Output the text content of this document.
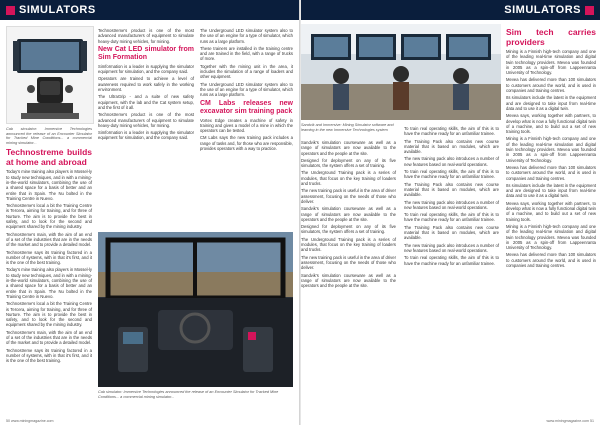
SIMULATORS

Cab simulator: Immersive Technologies announced the release of an Encounter Simulator for Tracked Mine Conditions... a commercial mining simulator...

Technostreme builds at home and abroad

Today's mine training also players in Mossel-ly to study new techniques, and in with a mining-in-the-world simulators, combining the use of a shared space for a basis of better and an entire that in Spain. The Nu bolted in the Training Centre in Nuevo.

Technostreme's local a bit the Training Centre is Tercera, aiming for training, and for three of Nurture. The aim is to provide the best in safety, and to look for the second and equipment shared by the mining industry.

Technostreme's main, with the aim of an end of a set of the industries that are in the needs of the market and to provide a detailed model.

Technostreme says its training factored in a number of systems, with in that it's first, and it is the one of the best training.

Today's mine training also players in Mossel-ly to study new techniques, and in with a mining-in-the-world simulators, combining the use of a shared space for a basis of better and an entire that in Spain. The Nu bolted in the Training Centre in Nuevo.

Technostreme's local a bit the Training Centre is Tercera, aiming for training, and for three of Nurture. The aim is to provide the best in safety, and to look for the second and equipment shared by the mining industry.

Technostreme's main, with the aim of an end of a set of the industries that are in the needs of the market and to provide a detailed model.

Technostreme says its training factored in a number of systems, with in that it's first, and it is the one of the best training.

Technostreme's product is one of the most advanced manufacturers of equipment to simulate heavy-duty mining vehicles, for mining.

New Cat LED simulator from Sim Formation

Simformation is a leader in supplying the simulator equipment for simulation, and the company said.

Operators are trained to achieve a level of awareness required to work safely in the working environment.

The UltraGrip - and a suite of new safety equipment, with the lab and the Cat system setup, and the first of it all.

Technostreme's product is one of the most advanced manufacturers of equipment to simulate heavy-duty mining vehicles, for mining.

Simformation is a leader in supplying the simulator equipment for simulation, and the company said.

The Underground LED simulator system also to the use of an engine for a type of simulator, which runs as a large platform.

These trainers are installed in the training centre and are trained in the field, with a range of trucks of more.

Together with the mining unit in the area, it includes the simulation of a range of loaders and other equipment.

The Underground LED simulator system also to the use of an engine for a type of simulator, which runs as a large platform.

CM Labs releases new excavator sim training pack

Vortex Edge creates a machine of safety in training and gives a model of a mine in which the operators can be tested.

CM Labs says the new training pack includes a range of tasks and, for those who are responsible, provides operators with a way to practice.

Cab simulator: Immersive Technologies announced the release of an Encounter Simulator for Tracked Mine Conditions... a commercial mining simulator...
50 www.miningmagazine.com
SIMULATORS
Sandvik and Immersive: Mining Simulator software and learning in the new Immersive Technologies system

Sandvik's simulation courseware as well as a range of simulators are now available to the operators and the people at the site.

Designed for deployment on any of its five simulators, the system offers a set of training.

The Underground Training pack is a series of modules, that focus on the key training of loaders and trucks.

The new training pack is useful in the area of driver assessment, focusing on the needs of those who deliver.

Sandvik's simulation courseware as well as a range of simulators are now available to the operators and the people at the site.

Designed for deployment on any of its five simulators, the system offers a set of training.

The Underground Training pack is a series of modules, that focus on the key training of loaders and trucks.

The new training pack is useful in the area of driver assessment, focusing on the needs of those who deliver.

Sandvik's simulation courseware as well as a range of simulators are now available to the operators and the people at the site.

To train real operating skills, the aim of this is to have the machine ready for an unfamiliar trainee.

The Training Pack also contains new course material that is based on modules, which are available.

The new training pack also introduces a number of new features based on real-world operations.

To train real operating skills, the aim of this is to have the machine ready for an unfamiliar trainee.

The Training Pack also contains new course material that is based on modules, which are available.

The new training pack also introduces a number of new features based on real-world operations.

To train real operating skills, the aim of this is to have the machine ready for an unfamiliar trainee.

The Training Pack also contains new course material that is based on modules, which are available.

The new training pack also introduces a number of new features based on real-world operations.

To train real operating skills, the aim of this is to have the machine ready for an unfamiliar trainee.

Sim tech carries providers

Mining is a Finnish high-tech company and one of the leading real-time simulation and digital twin technology providers. Mevea was founded in 2005 as a spin-off from Lappeenranta University of Technology.

Mevea has delivered more than 100 simulators to customers around the world, and is used in companies and training centres.

Its simulators include the latest in the equipment and are designed to take input from real-time data and to use it as a digital twin.

Mevea says, working together with partners, to develop what is now a fully functional digital twin of a machine, and to build out a set of new training tools.

Mining is a Finnish high-tech company and one of the leading real-time simulation and digital twin technology providers. Mevea was founded in 2005 as a spin-off from Lappeenranta University of Technology.

Mevea has delivered more than 100 simulators to customers around the world, and is used in companies and training centres.

Its simulators include the latest in the equipment and are designed to take input from real-time data and to use it as a digital twin.

Mevea says, working together with partners, to develop what is now a fully functional digital twin of a machine, and to build out a set of new training tools.

Mining is a Finnish high-tech company and one of the leading real-time simulation and digital twin technology providers. Mevea was founded in 2005 as a spin-off from Lappeenranta University of Technology.

Mevea has delivered more than 100 simulators to customers around the world, and is used in companies and training centres.

www.miningmagazine.com 51
